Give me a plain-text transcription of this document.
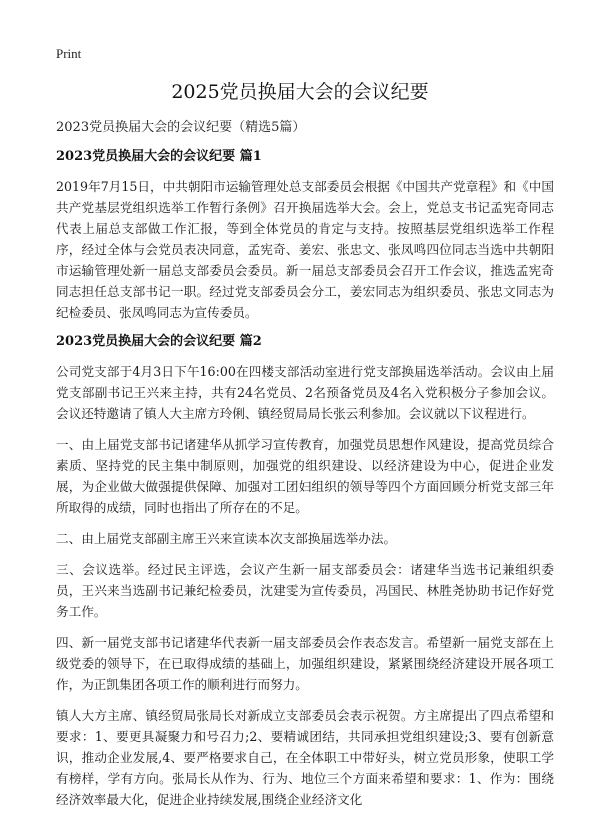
Print
2025党员换届大会的会议纪要
2023党员换届大会的会议纪要（精选5篇）
2023党员换届大会的会议纪要 篇1

2019年7月15日，中共朝阳市运输管理处总支部委员会根据《中国共产党章程》和《中国共产党基层党组织选举工作暂行条例》召开换届选举大会。会上，党总支书记孟宪奇同志代表上届总支部做工作汇报，等到全体党员的肯定与支持。按照基层党组织选举工作程序，经过全体与会党员表决同意，孟宪奇、姜宏、张忠文、张凤鸣四位同志当选中共朝阳市运输管理处新一届总支部委员会委员。新一届总支部委员会召开工作会议，推选孟宪奇同志担任总支部书记一职。经过党支部委员会分工，姜宏同志为组织委员、张忠文同志为纪检委员、张凤鸣同志为宣传委员。

2023党员换届大会的会议纪要 篇2

公司党支部于4月3日下午16:00在四楼支部活动室进行党支部换届选举活动。会议由上届党支部副书记王兴来主持，共有24名党员、2名预备党员及4名入党积极分子参加会议。会议还特邀请了镇人大主席方玲俐、镇经贸局局长张云利参加。会议就以下议程进行。

一、由上届党支部书记诸建华从抓学习宣传教育，加强党员思想作风建设，提高党员综合素质、坚持党的民主集中制原则，加强党的组织建设、以经济建设为中心，促进企业发展，为企业做大做强提供保障、加强对工团妇组织的领导等四个方面回顾分析党支部三年所取得的成绩，同时也指出了所存在的不足。

二、由上届党支部副主席王兴来宣读本次支部换届选举办法。

三、会议选举。经过民主评选，会议产生新一届支部委员会：诸建华当选书记兼组织委员，王兴来当选副书记兼纪检委员，沈建雯为宣传委员，冯国民、林胜尧协助书记作好党务工作。

四、新一届党支部书记诸建华代表新一届支部委员会作表态发言。希望新一届党支部在上级党委的领导下，在已取得成绩的基础上，加强组织建设，紧紧围绕经济建设开展各项工作，为正凯集团各项工作的顺利进行而努力。

镇人大方主席、镇经贸局张局长对新成立支部委员会表示祝贺。方主席提出了四点希望和要求：1、要更具凝聚力和号召力;2、要精诚团结，共同承担党组织建设;3、要有创新意识，推动企业发展,4、要严格要求自己，在全体职工中带好头，树立党员形象，使职工学有榜样，学有方向。张局长从作为、行为、地位三个方面来希望和要求：1、作为：围绕经济效率最大化，促进企业持续发展,围绕企业经济文化
